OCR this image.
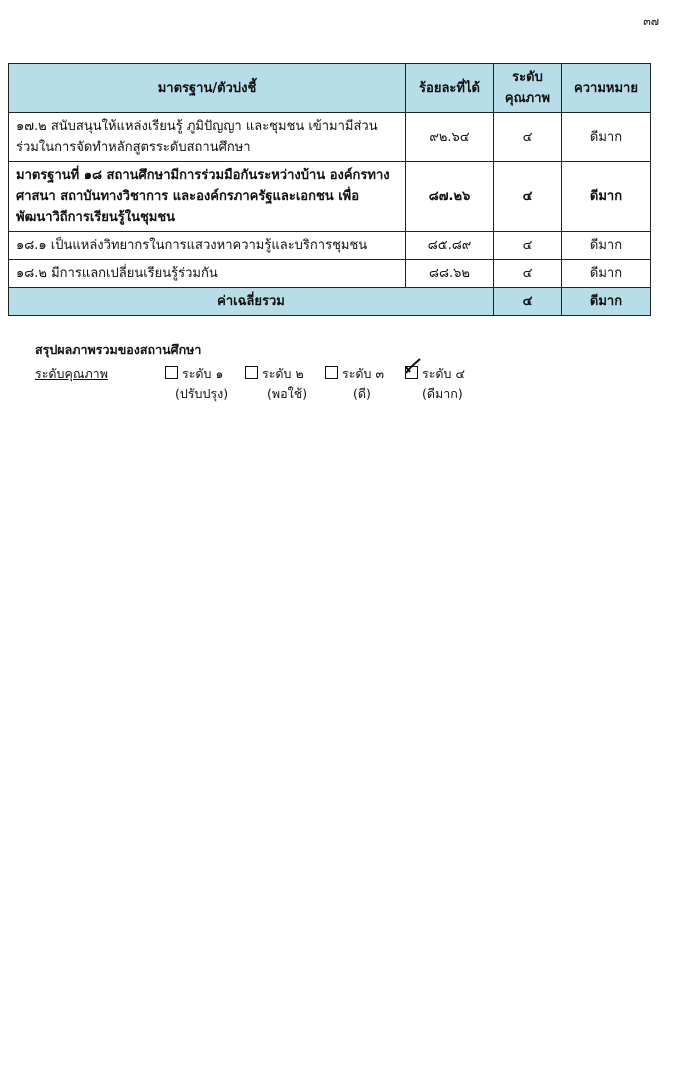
๓๗
มาตรฐาน/ตัวบ่งชี้	ร้อยละที่ได้	ระดับ คุณภาพ	ความหมาย
๑๗.๒ สนับสนุนให้แหล่งเรียนรู้ ภูมิปัญญา และชุมชน เข้ามามีส่วนร่วมในการจัดทำหลักสูตรระดับสถานศึกษา	๙๒.๖๔	๔	ดีมาก
มาตรฐานที่ ๑๘ สถานศึกษามีการร่วมมือกันระหว่างบ้าน องค์กรทางศาสนา สถาบันทางวิชาการ และองค์กรภาครัฐและเอกชน เพื่อพัฒนาวิถีการเรียนรู้ในชุมชน	๘๗.๒๖	๔	ดีมาก
๑๘.๑ เป็นแหล่งวิทยากรในการแสวงหาความรู้และบริการชุมชน	๘๕.๘๙	๔	ดีมาก
๑๘.๒ มีการแลกเปลี่ยนเรียนรู้ร่วมกัน	๘๘.๖๒	๔	ดีมาก
ค่าเฉลี่ยรวม		๔	ดีมาก
สรุปผลภาพรวมของสถานศึกษา
ระดับคุณภาพ	ระดับ ๑	ระดับ ๒	ระดับ ๓	ระดับ ๔
(ปรับปรุง)	(พอใช้)	(ดี)	(ดีมาก)
